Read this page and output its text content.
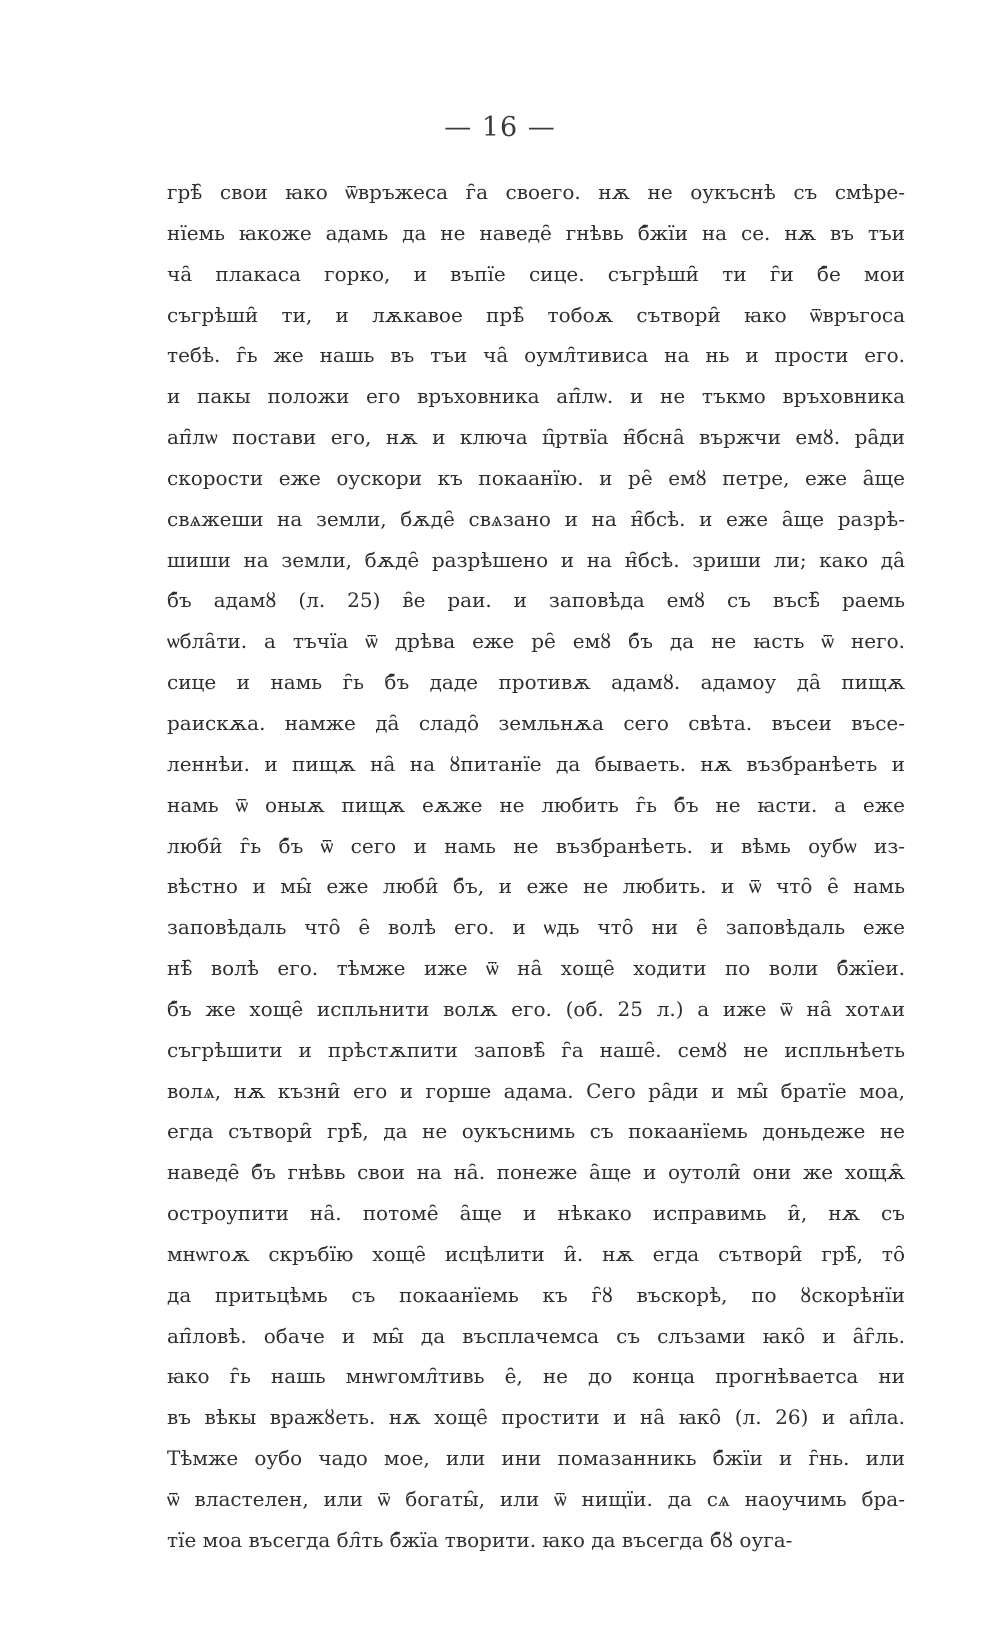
— 16 —
грѣ̑ свои ꙗко ѿвръжеса г̑а своего. нѫ не оукъснѣ съ смѣре-
нїемь ꙗкоже адамь да не наведе̑ гнѣвь б̑жїи на се. нѫ въ тъи
ча̑ плакаса горко, и въпїе сице. съгрѣши̑ ти г̑и б̑е мои
съгрѣши̑ ти, и лѫкавое прѣ̑ тобоѫ сътвори̑ ꙗко ѿвръгоса
тебѣ. г̑ь же нашь въ тъи ча̑ оумл̑тивиса на нь и прости его.
и пакы положи его връховника ап̑лѡ. и не тъкмо връховника
ап̑лѡ постави его, нѫ и ключа ц̑ртвїа н̑бсна̑ вържчи емȣ. ра̑ди
скорости еже оускори къ покаанїю. и ре̑ емȣ петре, еже а̑ще
свѧжеши на земли, бѫде̑ свѧзано и на н̑бсѣ. и еже а̑ще разрѣ-
шиши на земли, бѫде̑ разрѣшено и на н̑бсѣ. зриши ли; како да̑
б̑ъ адамȣ (л. 25) в̑е раи. и заповѣда емȣ съ въсѣ̑ раемь
ѡбла̑ти. а тъчїа ѿ дрѣва еже ре̑ емȣ б̑ъ да не ꙗсть ѿ него.
сице и намь г̑ь б̑ъ даде противѫ адамȣ. адамоу да̑ пищѫ
раискѫа. намже да̑ сладо̑ земльнѫа сего свѣта. въсеи въсе-
леннѣи. и пищѫ на̑ на ȣпитанїе да бываеть. нѫ възбранѣеть и
намь ѿ оныѫ пищѫ еѫже не любить г̑ь б̑ъ не ꙗсти. а еже
люби̑ г̑ь б̑ъ ѿ сего и намь не възбранѣеть. и вѣмь оубѡ из-
вѣстно и мы̑ еже люби̑ б̑ъ, и еже не любить. и ѿ что̑ е̑ намь
заповѣдаль что̑ е̑ волѣ его. и ѡдь что̑ ни е̑ заповѣдаль еже
нѣ̑ волѣ его. тѣмже иже ѿ на̑ хоще̑ ходити по воли б̑жїеи.
б̑ъ же хоще̑ испльнити волѫ его. (об. 25 л.) а иже ѿ на̑ хотѧи
съгрѣшити и прѣстѫпити заповѣ̑ г̑а наше̑. семȣ не испльнѣеть
волѧ, нѫ къзни̑ его и горше адама. Сего ра̑ди и мы̑ братїе моа,
егда сътвори̑ грѣ̑, да не оукъснимь съ покаанїемь доньдеже не
наведе̑ б̑ъ гнѣвь свои на на̑. понеже а̑ще и оутоли̑ они же хощѫ̑
остроупити на̑. потоме̑ а̑ще и нѣкако исправимь и̑, нѫ съ
мнѡгоѫ скръбїю хоще̑ исцѣлити и̑. нѫ егда сътвори̑ грѣ̑, то̑
да притьцѣмь съ покаанїемь къ г̑ȣ въскорѣ, по ȣскорѣнїи
ап̑ловѣ. обаче и мы̑ да въсплачемса съ слъзами ꙗко̑ и а̑г̑ль.
ꙗко г̑ь нашь мнѡгомл̑тивь е̑, не до конца прогнѣваетса ни
въ вѣкы вражȣеть. нѫ хоще̑ простити и на̑ ꙗко̑ (л. 26) и ап̑ла.
Тѣмже оубо чадо мое, или ини помазанникь б̑жїи и г̑нь. или
ѿ властелен, или ѿ богаты̑, или ѿ нищїи. да сѧ наоучимь бра-
тїе моа въсегда бл̑ть б̑жїа творити. ꙗко да въсегда б̑ȣ оуга-
